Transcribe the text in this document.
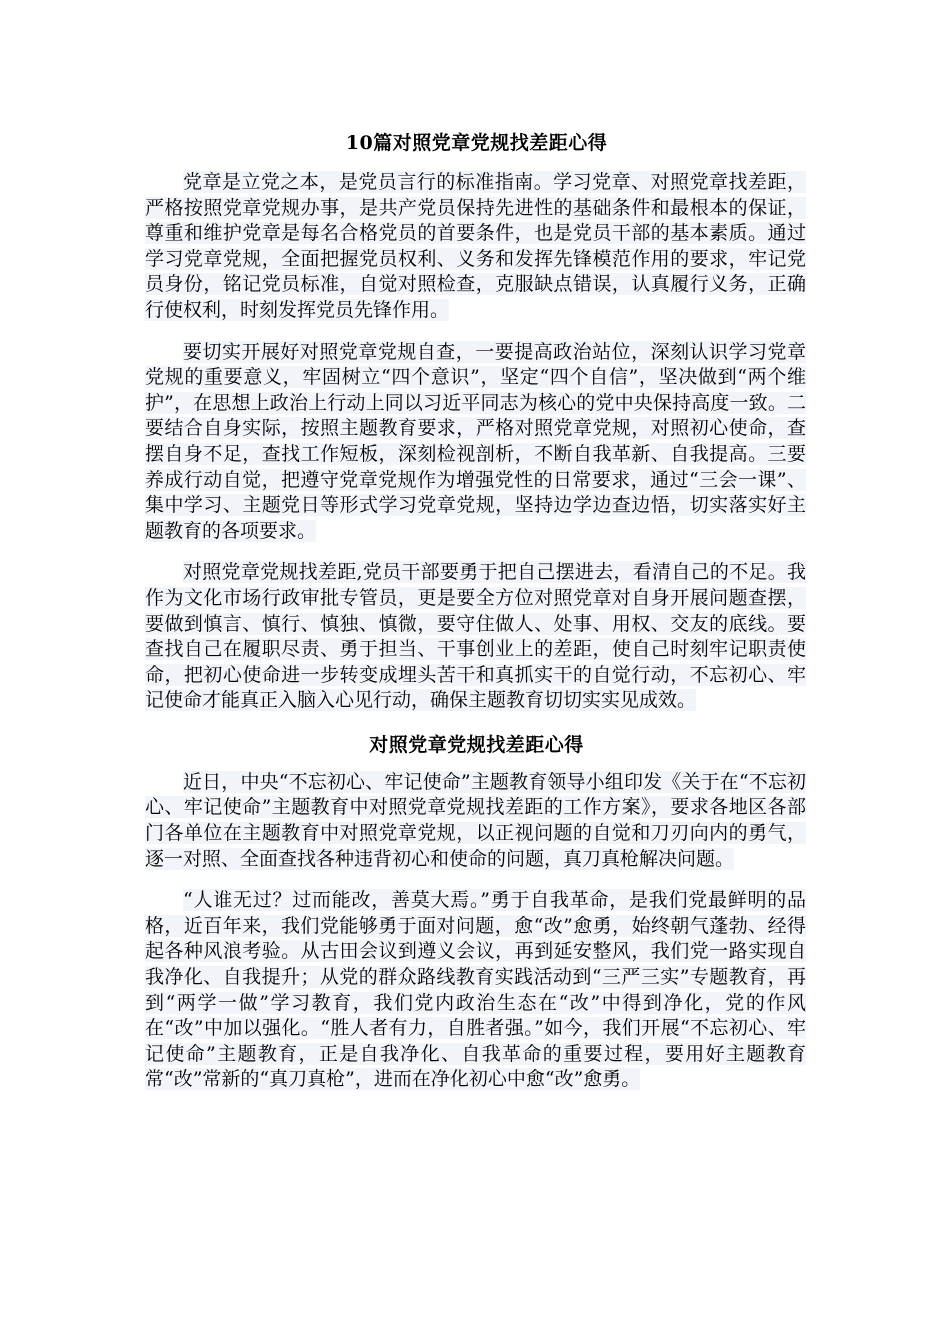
10篇对照党章党规找差距心得

党章是立党之本，是党员言行的标准指南。学习党章、对照党章找差距，严格按照党章党规办事，是共产党员保持先进性的基础条件和最根本的保证，尊重和维护党章是每名合格党员的首要条件，也是党员干部的基本素质。通过学习党章党规，全面把握党员权利、义务和发挥先锋模范作用的要求，牢记党员身份，铭记党员标准，自觉对照检查，克服缺点错误，认真履行义务，正确行使权利，时刻发挥党员先锋作用。

要切实开展好对照党章党规自查，一要提高政治站位，深刻认识学习党章党规的重要意义，牢固树立“四个意识”，坚定“四个自信”，坚决做到“两个维护”，在思想上政治上行动上同以习近平同志为核心的党中央保持高度一致。二要结合自身实际，按照主题教育要求，严格对照党章党规，对照初心使命，查摆自身不足，查找工作短板，深刻检视剖析，不断自我革新、自我提高。三要养成行动自觉，把遵守党章党规作为增强党性的日常要求，通过“三会一课”、集中学习、主题党日等形式学习党章党规，坚持边学边查边悟，切实落实好主题教育的各项要求。

对照党章党规找差距,党员干部要勇于把自己摆进去，看清自己的不足。我作为文化市场行政审批专管员，更是要全方位对照党章对自身开展问题查摆，要做到慎言、慎行、慎独、慎微，要守住做人、处事、用权、交友的底线。要查找自己在履职尽责、勇于担当、干事创业上的差距，使自己时刻牢记职责使命，把初心使命进一步转变成埋头苦干和真抓实干的自觉行动，不忘初心、牢记使命才能真正入脑入心见行动，确保主题教育切切实实见成效。

对照党章党规找差距心得

近日，中央“不忘初心、牢记使命”主题教育领导小组印发《关于在“不忘初心、牢记使命”主题教育中对照党章党规找差距的工作方案》，要求各地区各部门各单位在主题教育中对照党章党规，以正视问题的自觉和刀刃向内的勇气，逐一对照、全面查找各种违背初心和使命的问题，真刀真枪解决问题。

“人谁无过？过而能改，善莫大焉。”勇于自我革命，是我们党最鲜明的品格，近百年来，我们党能够勇于面对问题，愈“改”愈勇，始终朝气蓬勃、经得起各种风浪考验。从古田会议到遵义会议，再到延安整风，我们党一路实现自我净化、自我提升；从党的群众路线教育实践活动到“三严三实”专题教育，再到“两学一做”学习教育，我们党内政治生态在“改”中得到净化，党的作风在“改”中加以强化。“胜人者有力，自胜者强。”如今，我们开展“不忘初心、牢记使命”主题教育，正是自我净化、自我革命的重要过程，要用好主题教育常“改”常新的“真刀真枪”，进而在净化初心中愈“改”愈勇。
